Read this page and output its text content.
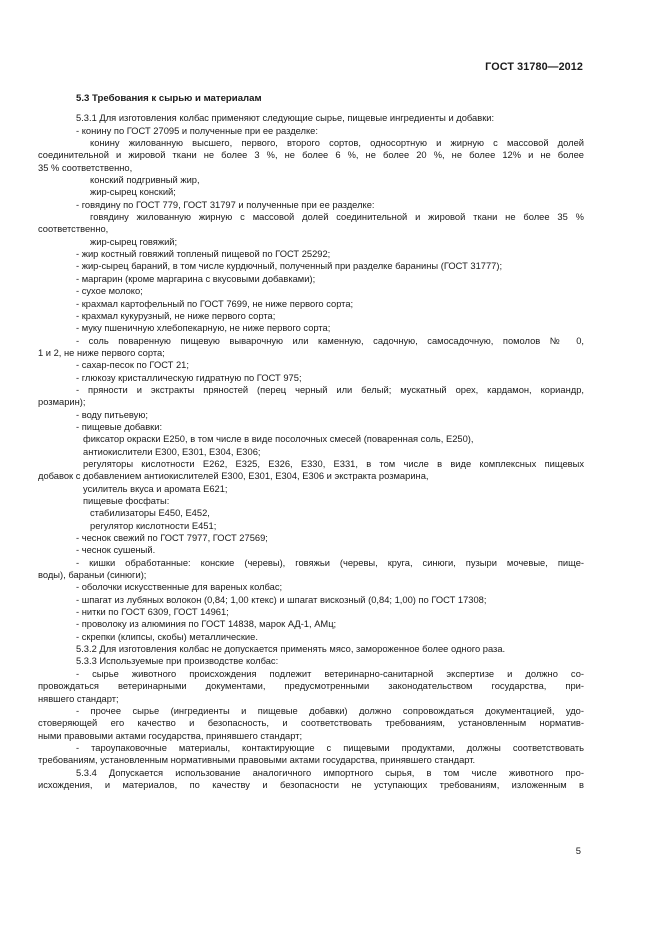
ГОСТ 31780—2012
5.3 Требования к сырью и материалам
5.3.1 Для изготовления колбас применяют следующие сырье, пищевые ингредиенты и добавки:
- конину по ГОСТ 27095 и полученные при ее разделке:
конину жилованную высшего, первого, второго сортов, односортную и жирную с массовой долей
соединительной и жировой ткани не более 3 %, не более 6 %, не более 20 %, не более 12% и не более
35 % соответственно,
конский подгривный жир,
жир-сырец конский;
- говядину по ГОСТ 779, ГОСТ 31797 и полученные при ее разделке:
говядину жилованную жирную с массовой долей соединительной и жировой ткани не более 35 %
соответственно,
жир-сырец говяжий;
- жир костный говяжий топленый пищевой по ГОСТ 25292;
- жир-сырец бараний, в том числе курдючный, полученный при разделке баранины (ГОСТ 31777);
- маргарин (кроме маргарина с вкусовыми добавками);
- сухое молоко;
- крахмал картофельный по ГОСТ 7699, не ниже первого сорта;
- крахмал кукурузный, не ниже первого сорта;
- муку пшеничную хлебопекарную, не ниже первого сорта;
- соль поваренную пищевую выварочную или каменную, садочную, самосадочную, помолов № 0,
1 и 2, не ниже первого сорта;
- сахар-песок по ГОСТ 21;
- глюкозу кристаллическую гидратную по ГОСТ 975;
- пряности и экстракты пряностей (перец черный или белый; мускатный орех, кардамон, кориандр,
розмарин);
- воду питьевую;
- пищевые добавки:
фиксатор окраски Е250, в том числе в виде посолочных смесей (поваренная соль, Е250),
антиокислители Е300, Е301, Е304, Е306;
регуляторы кислотности Е262, Е325, Е326, Е330, Е331, в том числе в виде комплексных пищевых
добавок с добавлением антиокислителей Е300, Е301, Е304, Е306 и экстракта розмарина,
усилитель вкуса и аромата Е621;
пищевые фосфаты:
стабилизаторы Е450, Е452,
регулятор кислотности Е451;
- чеснок свежий по ГОСТ 7977, ГОСТ 27569;
- чеснок сушеный.
- кишки обработанные: конские (черевы), говяжьи (черевы, круга, синюги, пузыри мочевые, пище-
воды), бараньи (синюги);
- оболочки искусственные для вареных колбас;
- шпагат из лубяных волокон (0,84; 1,00 ктекс) и шпагат вискозный (0,84; 1,00) по ГОСТ 17308;
- нитки по ГОСТ 6309, ГОСТ 14961;
- проволоку из алюминия по ГОСТ 14838, марок АД-1, АМц;
- скрепки (клипсы, скобы) металлические.
5.3.2 Для изготовления колбас не допускается применять мясо, замороженное более одного раза.
5.3.3 Используемые при производстве колбас:
- сырье животного происхождения подлежит ветеринарно-санитарной экспертизе и должно со-
провождаться ветеринарными документами, предусмотренными законодательством государства, при-
нявшего стандарт;
- прочее сырье (ингредиенты и пищевые добавки) должно сопровождаться документацией, удо-
стоверяющей его качество и безопасность, и соответствовать требованиям, установленным норматив-
ными правовыми актами государства, принявшего стандарт;
- тароупаковочные материалы, контактирующие с пищевыми продуктами, должны соответствовать
требованиям, установленным нормативными правовыми актами государства, принявшего стандарт.
5.3.4 Допускается использование аналогичного импортного сырья, в том числе животного про-
исхождения, и материалов, по качеству и безопасности не уступающих требованиям, изложенным в
5
